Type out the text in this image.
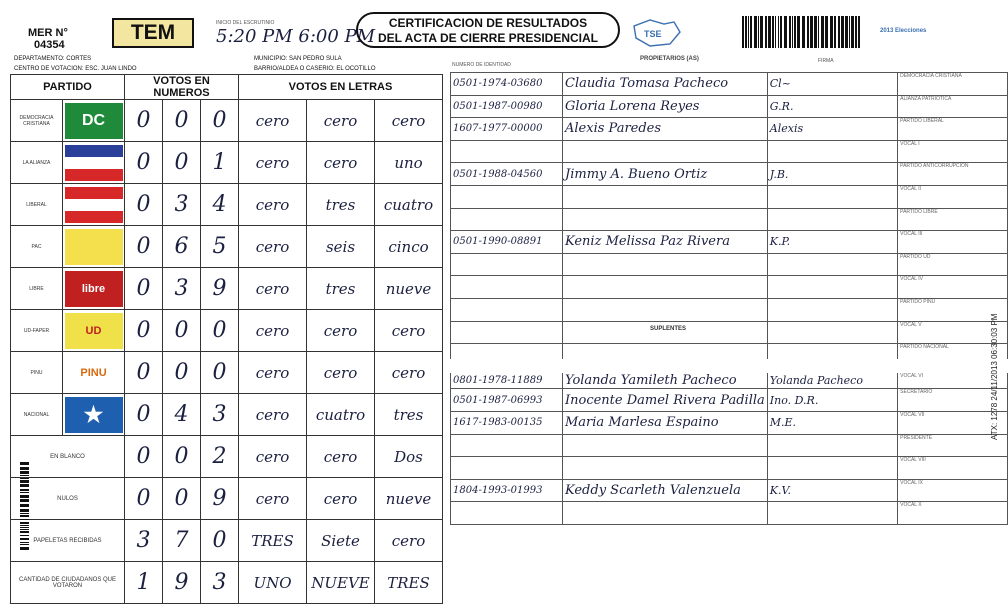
MER N°
04354
TEM
DEPARTAMENTO: CORTES
CENTRO DE VOTACION: ESC. JUAN LINDO
MUNICIPIO: SAN PEDRO SULA
BARRIO/ALDEA O CASERIO: EL OCOTILLO
INICIO DEL ESCRUTINIO
5:20 PM 6:00 PM
CERTIFICACION DE RESULTADOS
DEL ACTA DE CIERRE PRESIDENCIAL	TSE	2013 Elecciones
PARTIDO		VOTOS EN NUMEROS			VOTOS EN LETRAS		
DEMOCRACIA CRISTIANA	DC	0	0	0	cero	cero	cero
LA ALIANZA		0	0	1	cero	cero	uno
LIBERAL		0	3	4	cero	tres	cuatro
PAC		0	6	5	cero	seis	cinco
LIBRE	libre	0	3	9	cero	tres	nueve
UD-FAPER	UD	0	0	0	cero	cero	cero
PINU	PINU	0	0	0	cero	cero	cero
NACIONAL	★	0	4	3	cero	cuatro	tres
EN BLANCO		0	0	2	cero	cero	Dos
NULOS		0	0	9	cero	cero	nueve
PAPELETAS RECIBIDAS		3	7	0	TRES	Siete	cero
CANTIDAD DE CIUDADANOS QUE VOTARON		1	9	3	UNO	NUEVE	TRES
NUMERO DE IDENTIDAD
PROPIETARIOS (AS)	FIRMA
0501-1974-03680	Claudia Tomasa Pacheco	Cl~	DEMOCRACIA CRISTIANA
0501-1987-00980	Gloria Lorena Reyes	G.R.	ALIANZA PATRIOTICA
1607-1977-00000	Alexis Paredes	Alexis	PARTIDO LIBERAL
			VOCAL I
0501-1988-04560	Jimmy A. Bueno Ortiz	J.B.	PARTIDO ANTICORRUPCION
			VOCAL II
			PARTIDO LIBRE
0501-1990-08891	Keniz Melissa Paz Rivera	K.P.	VOCAL III
			PARTIDO UD
			VOCAL IV
			PARTIDO PINU
			VOCAL V
			PARTIDO NACIONAL
0801-1978-11889	Yolanda Yamileth Pacheco	Yolanda Pacheco	VOCAL VI
0501-1987-06993	Inocente Damel Rivera Padilla	Ino. D.R.	SECRETARIO
1617-1983-00135	Maria Marlesa Espaino	M.E.	VOCAL VII
			PRESIDENTE
			VOCAL VIII
1804-1993-01993	Keddy Scarleth Valenzuela	K.V.	VOCAL IX
			VOCAL X
SUPLENTES	ATX: 1278 24/11/2013 06:30:03 PM
